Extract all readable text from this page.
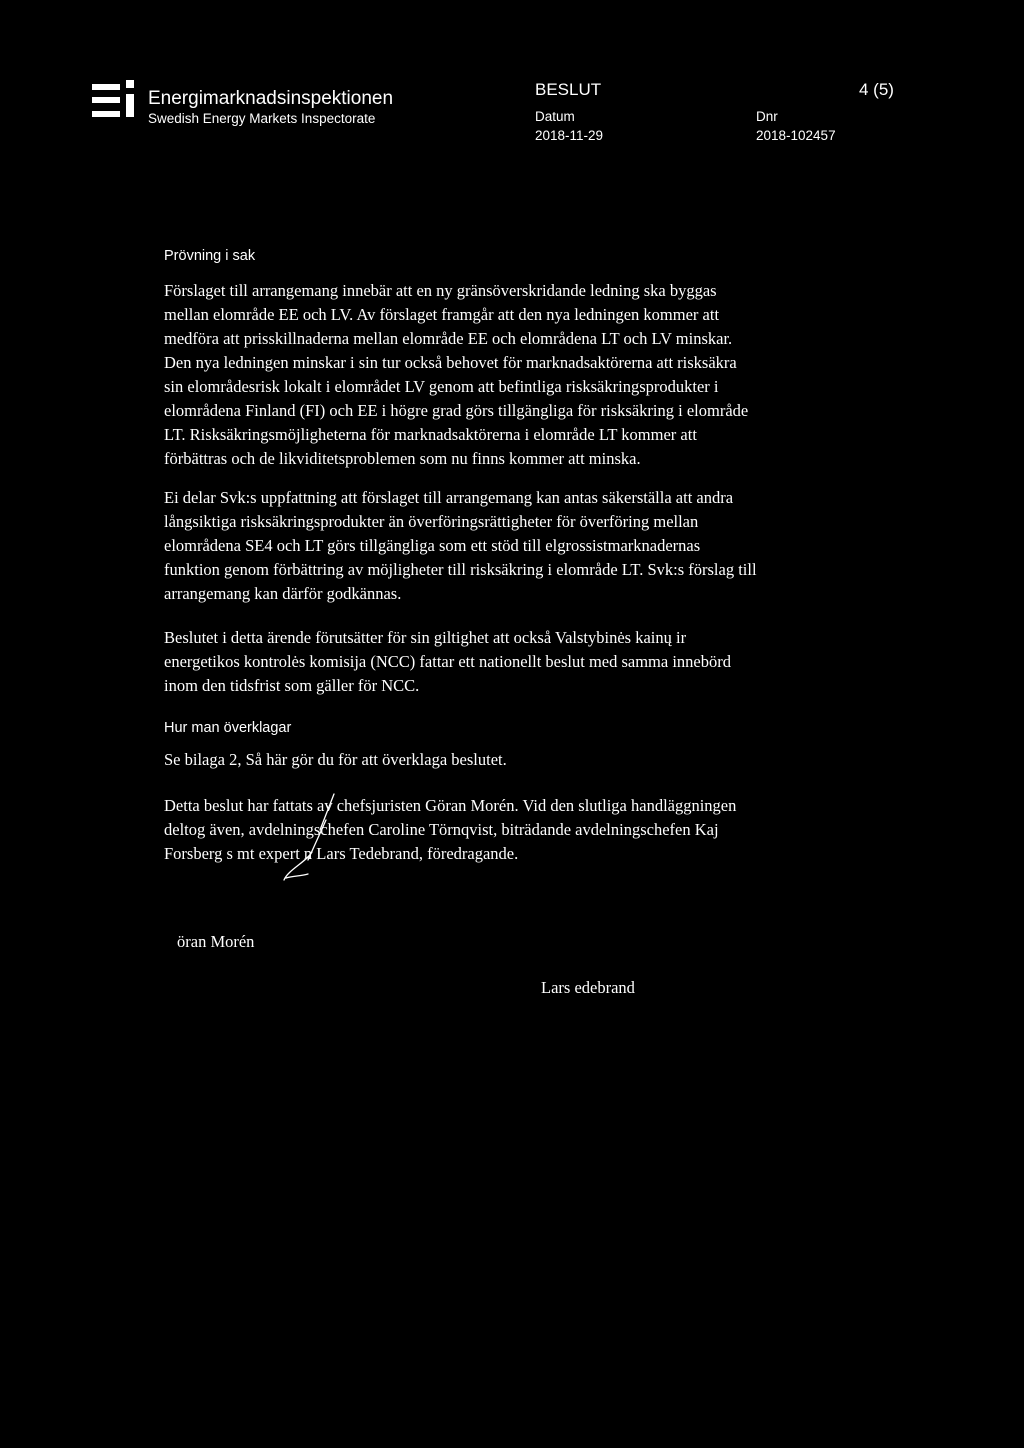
Energimarknadsinspektionen
Swedish Energy Markets Inspectorate
BESLUT	4 (5)
Datum
2018-11-29
Dnr
2018-102457
Prövning i sak
Förslaget till arrangemang innebär att en ny gränsöverskridande ledning ska byggas
mellan elområde EE och LV. Av förslaget framgår att den nya ledningen kommer att
medföra att prisskillnaderna mellan elområde EE och elområdena LT och LV minskar.
Den nya ledningen minskar i sin tur också behovet för marknadsaktörerna att risksäkra
sin elområdesrisk lokalt i elområdet LV genom att befintliga risksäkringsprodukter i
elområdena Finland (FI) och EE i högre grad görs tillgängliga för risksäkring i elområde
LT. Risksäkringsmöjligheterna för marknadsaktörerna i elområde LT kommer att
förbättras och de likviditetsproblemen som nu finns kommer att minska.
Ei delar Svk:s uppfattning att förslaget till arrangemang kan antas säkerställa att andra
långsiktiga risksäkringsprodukter än överföringsrättigheter för överföring mellan
elområdena SE4 och LT görs tillgängliga som ett stöd till elgrossistmarknadernas
funktion genom förbättring av möjligheter till risksäkring i elområde LT. Svk:s förslag till
arrangemang kan därför godkännas.
Beslutet i detta ärende förutsätter för sin giltighet att också Valstybinės kainų ir
energetikos kontrolės komisija (NCC) fattar ett nationellt beslut med samma innebörd
inom den tidsfrist som gäller för NCC.
Hur man överklagar
Se bilaga 2, Så här gör du för att överklaga beslutet.
Detta beslut har fattats av chefsjuristen Göran Morén. Vid den slutliga handläggningen
deltog även, avdelningschefen Caroline Törnqvist, biträdande avdelningschefen Kaj
Forsberg s mt expert n Lars Tedebrand, föredragande.
öran Morén
Lars edebrand
